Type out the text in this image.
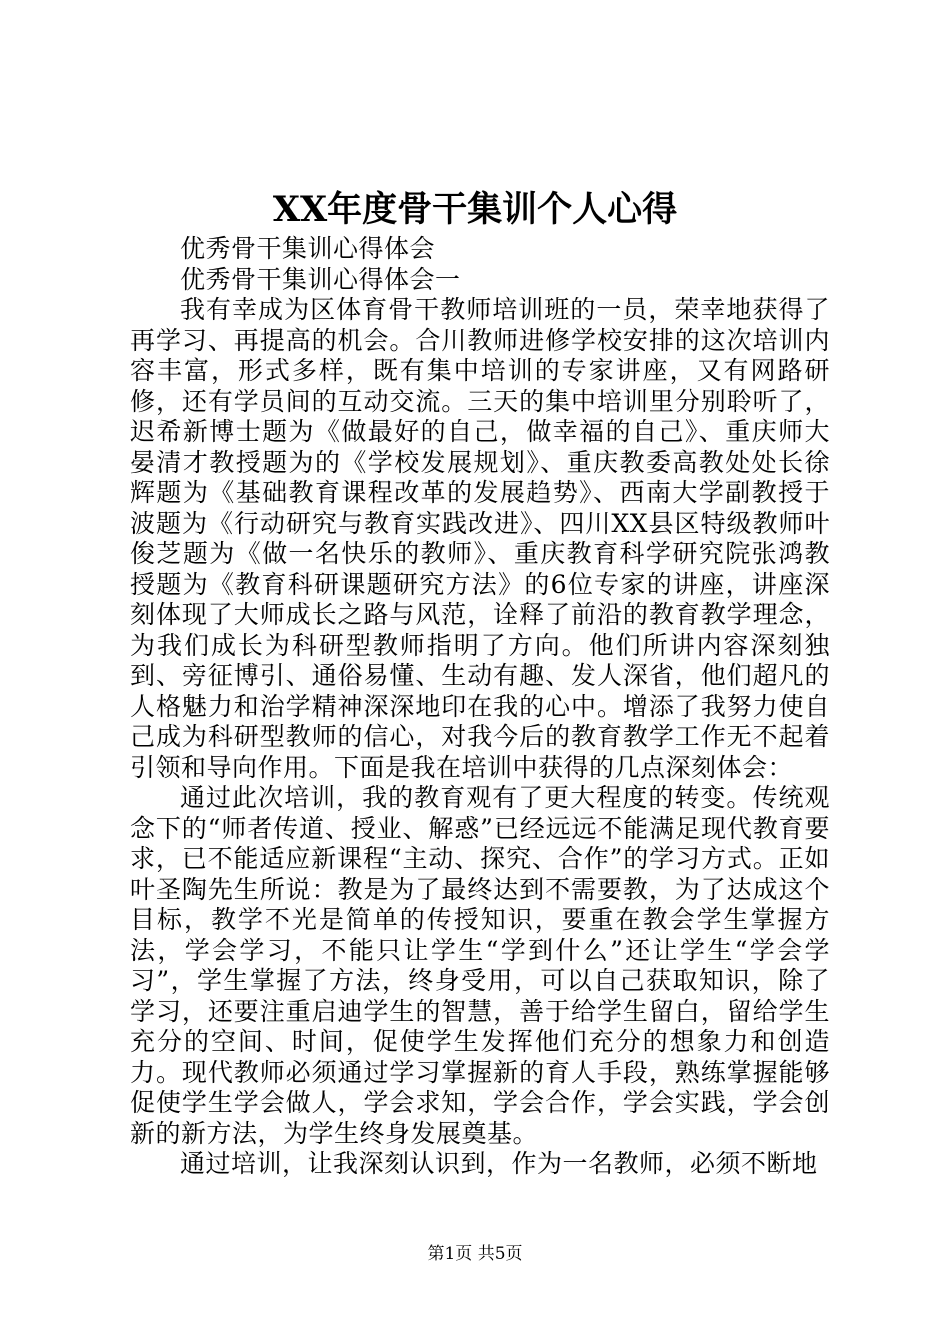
XX年度骨干集训个人心得

优秀骨干集训心得体会

优秀骨干集训心得体会一

我有幸成为区体育骨干教师培训班的一员，荣幸地获得了再学习、再提高的机会。合川教师进修学校安排的这次培训内容丰富，形式多样，既有集中培训的专家讲座，又有网路研修，还有学员间的互动交流。三天的集中培训里分别聆听了，迟希新博士题为《做最好的自己，做幸福的自己》、重庆师大晏清才教授题为的《学校发展规划》、重庆教委高教处处长徐辉题为《基础教育课程改革的发展趋势》、西南大学副教授于波题为《行动研究与教育实践改进》、四川XX县区特级教师叶俊芝题为《做一名快乐的教师》、重庆教育科学研究院张鸿教授题为《教育科研课题研究方法》的6位专家的讲座，讲座深刻体现了大师成长之路与风范，诠释了前沿的教育教学理念，为我们成长为科研型教师指明了方向。他们所讲内容深刻独到、旁征博引、通俗易懂、生动有趣、发人深省，他们超凡的人格魅力和治学精神深深地印在我的心中。增添了我努力使自己成为科研型教师的信心，对我今后的教育教学工作无不起着引领和导向作用。下面是我在培训中获得的几点深刻体会：

通过此次培训，我的教育观有了更大程度的转变。传统观念下的“师者传道、授业、解惑”已经远远不能满足现代教育要求，已不能适应新课程“主动、探究、合作”的学习方式。正如叶圣陶先生所说：教是为了最终达到不需要教，为了达成这个目标，教学不光是简单的传授知识，要重在教会学生掌握方法，学会学习，不能只让学生“学到什么”还让学生“学会学习”，学生掌握了方法，终身受用，可以自己获取知识，除了学习，还要注重启迪学生的智慧，善于给学生留白，留给学生充分的空间、时间，促使学生发挥他们充分的想象力和创造力。现代教师必须通过学习掌握新的育人手段，熟练掌握能够促使学生学会做人，学会求知，学会合作，学会实践，学会创新的新方法，为学生终身发展奠基。

通过培训，让我深刻认识到，作为一名教师，必须不断地

第1页 共5页
